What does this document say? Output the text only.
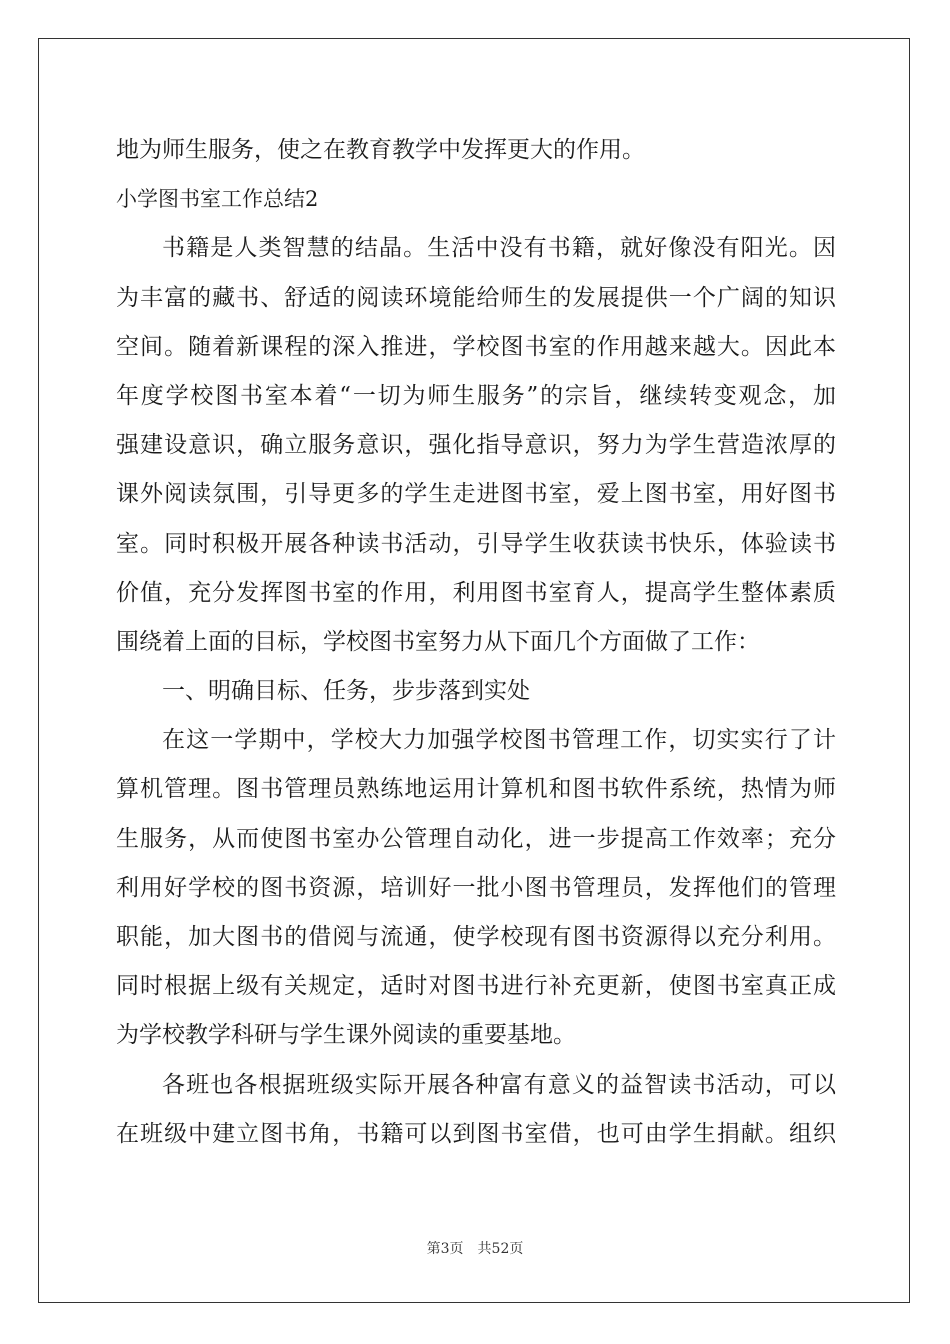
地为师生服务，使之在教育教学中发挥更大的作用。
小学图书室工作总结2
书籍是人类智慧的结晶。生活中没有书籍，就好像没有阳光。因
为丰富的藏书、舒适的阅读环境能给师生的发展提供一个广阔的知识
空间。随着新课程的深入推进，学校图书室的作用越来越大。因此本
年度学校图书室本着“一切为师生服务”的宗旨，继续转变观念，加
强建设意识，确立服务意识，强化指导意识，努力为学生营造浓厚的
课外阅读氛围，引导更多的学生走进图书室，爱上图书室，用好图书
室。同时积极开展各种读书活动，引导学生收获读书快乐，体验读书
价值，充分发挥图书室的作用，利用图书室育人，提高学生整体素质
围绕着上面的目标，学校图书室努力从下面几个方面做了工作：
一、明确目标、任务，步步落到实处
在这一学期中，学校大力加强学校图书管理工作，切实实行了计
算机管理。图书管理员熟练地运用计算机和图书软件系统，热情为师
生服务，从而使图书室办公管理自动化，进一步提高工作效率；充分
利用好学校的图书资源，培训好一批小图书管理员，发挥他们的管理
职能，加大图书的借阅与流通，使学校现有图书资源得以充分利用。
同时根据上级有关规定，适时对图书进行补充更新，使图书室真正成
为学校教学科研与学生课外阅读的重要基地。
各班也各根据班级实际开展各种富有意义的益智读书活动，可以
在班级中建立图书角，书籍可以到图书室借，也可由学生捐献。组织
第3页 共52页
